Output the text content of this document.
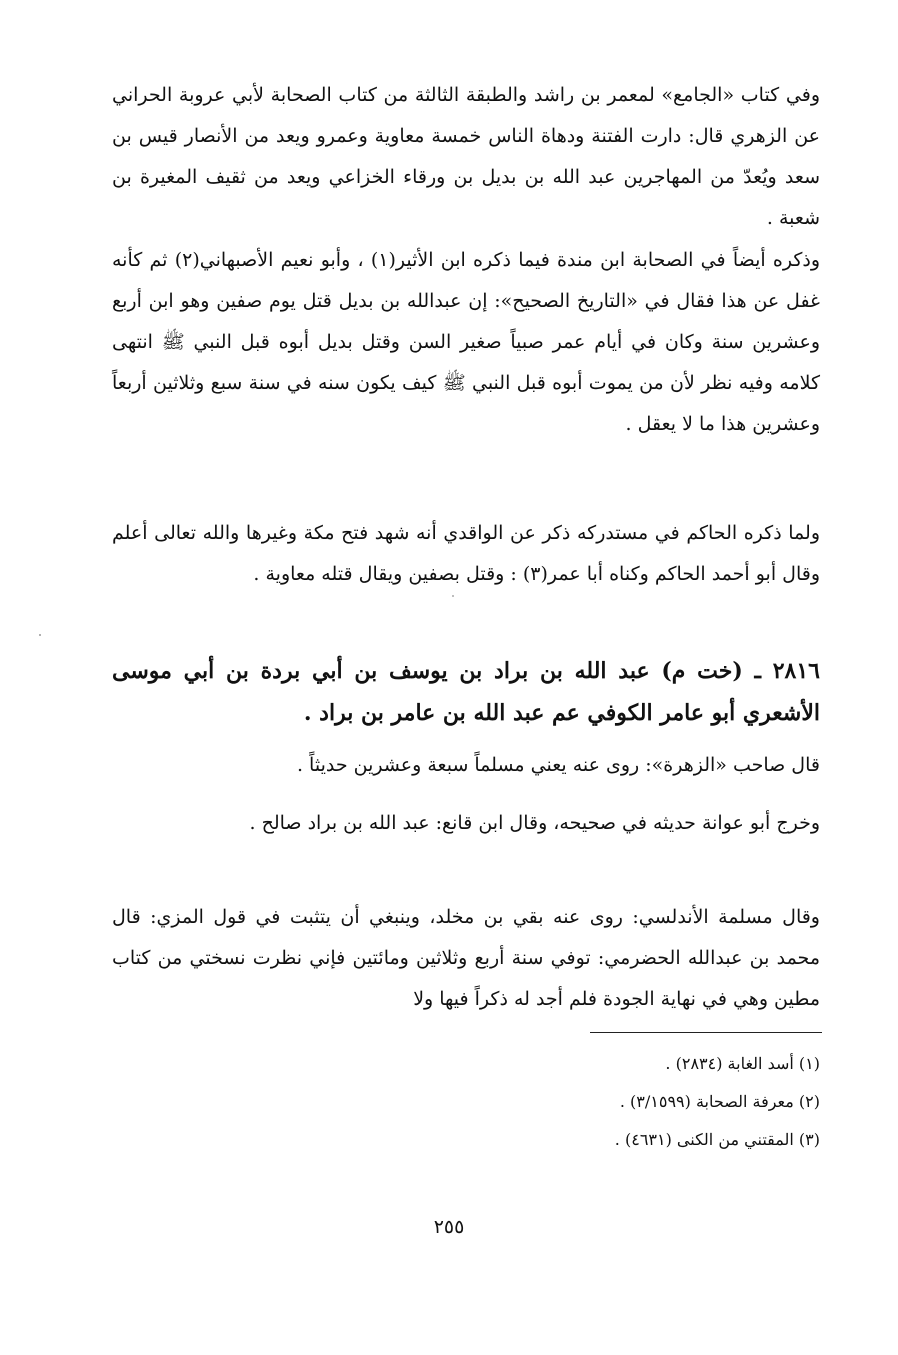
وفي كتاب «الجامع» لمعمر بن راشد والطبقة الثالثة من كتاب الصحابة لأبي عروبة الحراني عن الزهري قال: دارت الفتنة ودهاة الناس خمسة معاوية وعمرو ويعد من الأنصار قيس بن سعد ويُعدّ من المهاجرين عبد الله بن بديل بن ورقاء الخزاعي ويعد من ثقيف المغيرة بن شعبة .

وذكره أيضاً في الصحابة ابن مندة فيما ذكره ابن الأثير(١) ، وأبو نعيم الأصبهاني(٢) ثم كأنه غفل عن هذا فقال في «التاريخ الصحيح»: إن عبدالله بن بديل قتل يوم صفين وهو ابن أربع وعشرين سنة وكان في أيام عمر صبياً صغير السن وقتل بديل أبوه قبل النبي ﷺ انتهى كلامه وفيه نظر لأن من يموت أبوه قبل النبي ﷺ كيف يكون سنه في سنة سبع وثلاثين أربعاً وعشرين هذا ما لا يعقل .

ولما ذكره الحاكم في مستدركه ذكر عن الواقدي أنه شهد فتح مكة وغيرها والله تعالى أعلم وقال أبو أحمد الحاكم وكناه أبا عمر(٣) : وقتل بصفين ويقال قتله معاوية .

٢٨١٦ ـ (خت م) عبد الله بن براد بن يوسف بن أبي بردة بن أبي موسى الأشعري أبو عامر الكوفي عم عبد الله بن عامر بن براد .

قال صاحب «الزهرة»: روى عنه يعني مسلماً سبعة وعشرين حديثاً .

وخرج أبو عوانة حديثه في صحيحه، وقال ابن قانع: عبد الله بن براد صالح .

وقال مسلمة الأندلسي: روى عنه بقي بن مخلد، وينبغي أن يتثبت في قول المزي: قال محمد بن عبدالله الحضرمي: توفي سنة أربع وثلاثين ومائتين فإني نظرت نسختي من كتاب مطين وهي في نهاية الجودة فلم أجد له ذكراً فيها ولا

(١) أسد الغابة (٢٨٣٤) .

(٢) معرفة الصحابة (٣/١٥٩٩) .

(٣) المقتني من الكنى (٤٦٣١) .

٢٥٥
